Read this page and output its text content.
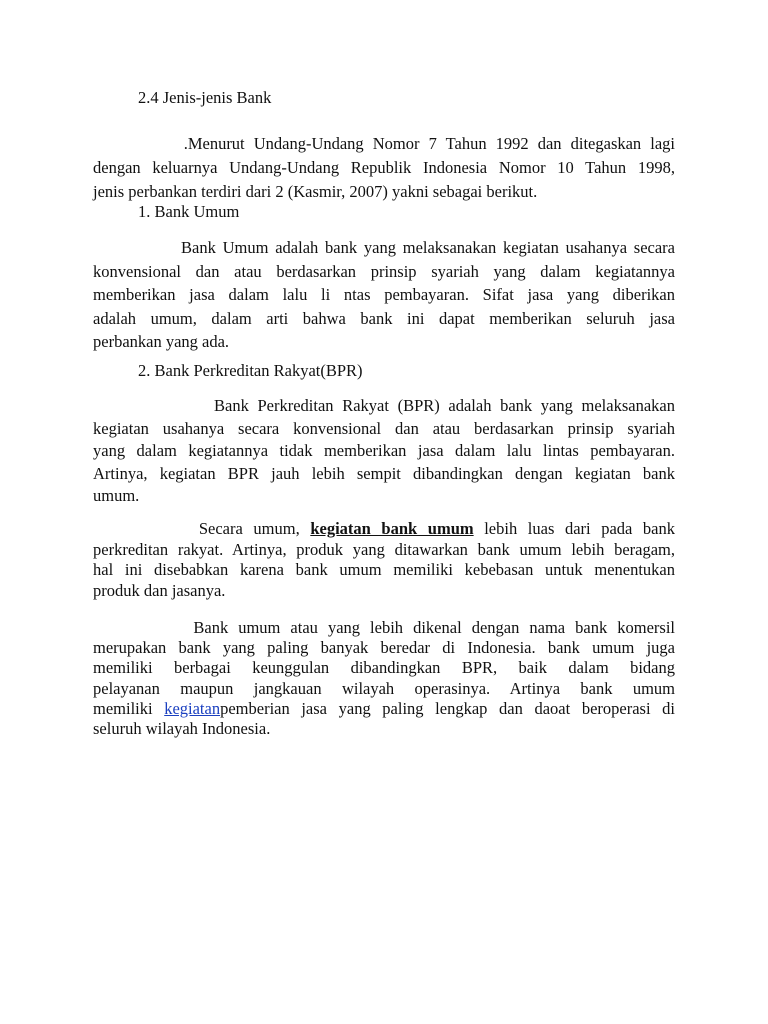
2.4 Jenis-jenis Bank
.Menurut Undang-Undang Nomor 7 Tahun 1992 dan ditegaskan lagi
dengan keluarnya Undang-Undang Republik Indonesia Nomor 10 Tahun 1998,
jenis perbankan terdiri dari 2 (Kasmir, 2007) yakni sebagai berikut.
1. Bank Umum
Bank Umum adalah bank yang melaksanakan kegiatan usahanya secara
konvensional dan atau berdasarkan prinsip syariah yang dalam kegiatannya
memberikan jasa dalam lalu li ntas pembayaran. Sifat jasa yang diberikan
adalah umum, dalam arti bahwa bank ini dapat memberikan seluruh jasa
perbankan yang ada.
2. Bank Perkreditan Rakyat(BPR)
Bank Perkreditan Rakyat (BPR) adalah bank yang melaksanakan
kegiatan usahanya secara konvensional dan atau berdasarkan prinsip syariah
yang dalam kegiatannya tidak memberikan jasa dalam lalu lintas pembayaran.
Artinya, kegiatan BPR jauh lebih sempit dibandingkan dengan kegiatan bank
umum.
Secara umum, kegiatan bank umum lebih luas dari pada bank
perkreditan rakyat. Artinya, produk yang ditawarkan bank umum lebih beragam,
hal ini disebabkan karena bank umum memiliki kebebasan untuk menentukan
produk dan jasanya.
Bank umum atau yang lebih dikenal dengan nama bank komersil
merupakan bank yang paling banyak beredar di Indonesia. bank umum juga
memiliki berbagai keunggulan dibandingkan BPR, baik dalam bidang
pelayanan maupun jangkauan wilayah operasinya. Artinya bank umum
memiliki kegiatanpemberian jasa yang paling lengkap dan daoat beroperasi di
seluruh wilayah Indonesia.
